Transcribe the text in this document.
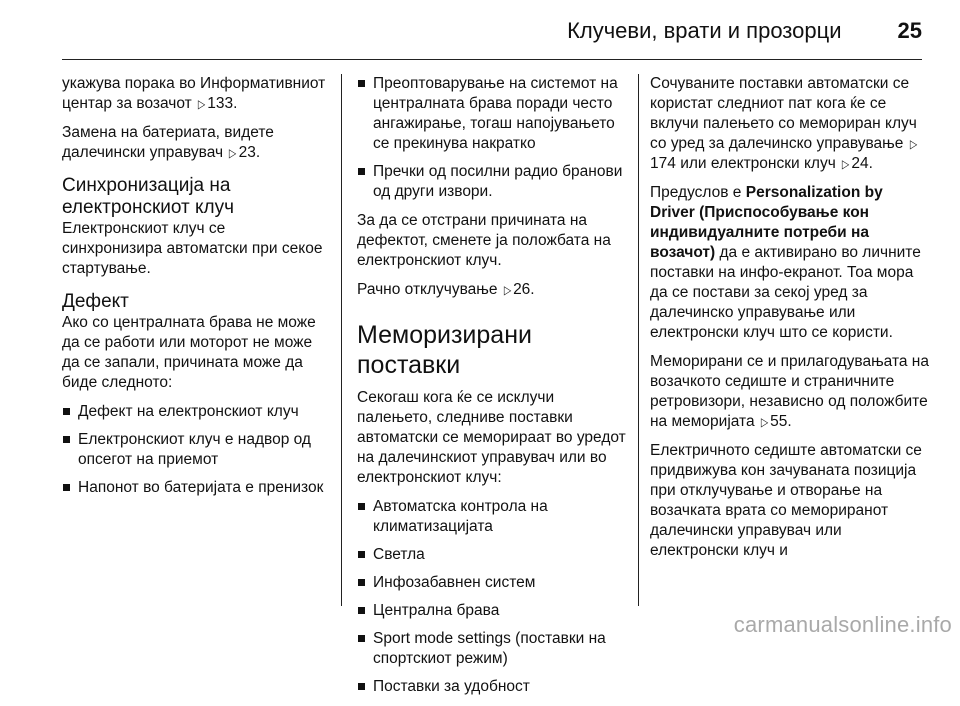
Клучеви, врати и прозорци	25

укажува порака во Информативниот центар за возачот ▷ 133.

Замена на батериата, видете далечински управувач ▷ 23.

Синхронизација на електронскиот клуч

Електронскиот клуч се синхронизира автоматски при секое стартување.

Дефект

Ако со централната брава не може да се работи или моторот не може да се запали, причината може да биде следното:

Дефект на електронскиот клуч
Електронскиот клуч е надвор од опсегот на приемот
Напонот во батеријата е пренизок
Преоптоварување на системот на централната брава поради често ангажирање, тогаш напојувањето се прекинува накратко
Пречки од посилни радио бранови од други извори.

За да се отстрани причината на дефектот, сменете ја положбата на електронскиот клуч.

Рачно отклучување ▷ 26.

Меморизирани поставки

Секогаш кога ќе се исклучи палењето, следниве поставки автоматски се меморираат во уредот на далечинскиот управувач или во електронскиот клуч:

Автоматска контрола на климатизацијата
Светла
Инфозабавнен систем
Централна брава
Sport mode settings (поставки на спортскиот режим)
Поставки за удобност

Сочуваните поставки автоматски се користат следниот пат кога ќе се вклучи палењето со мемориран клуч со уред за далечинско управување ▷174 или електронски клуч ▷ 24.

Предуслов е Personalization by Driver (Приспособување кон индивидуалните потреби на возачот) да е активирано во личните поставки на инфо-екранот. Тоа мора да се постави за секој уред за далечинско управување или електронски клуч што се користи.

Меморирани се и прилагодувањата на возачкото седиште и страничните ретровизори, независно од положбите на меморијата ▷ 55.

Електричното седиште автоматски се придвижува кон зачуваната позиција при отклучување и отворање на возачката врата со мемориранот далечински управувач или електронски клуч и

carmanualsonline.info
